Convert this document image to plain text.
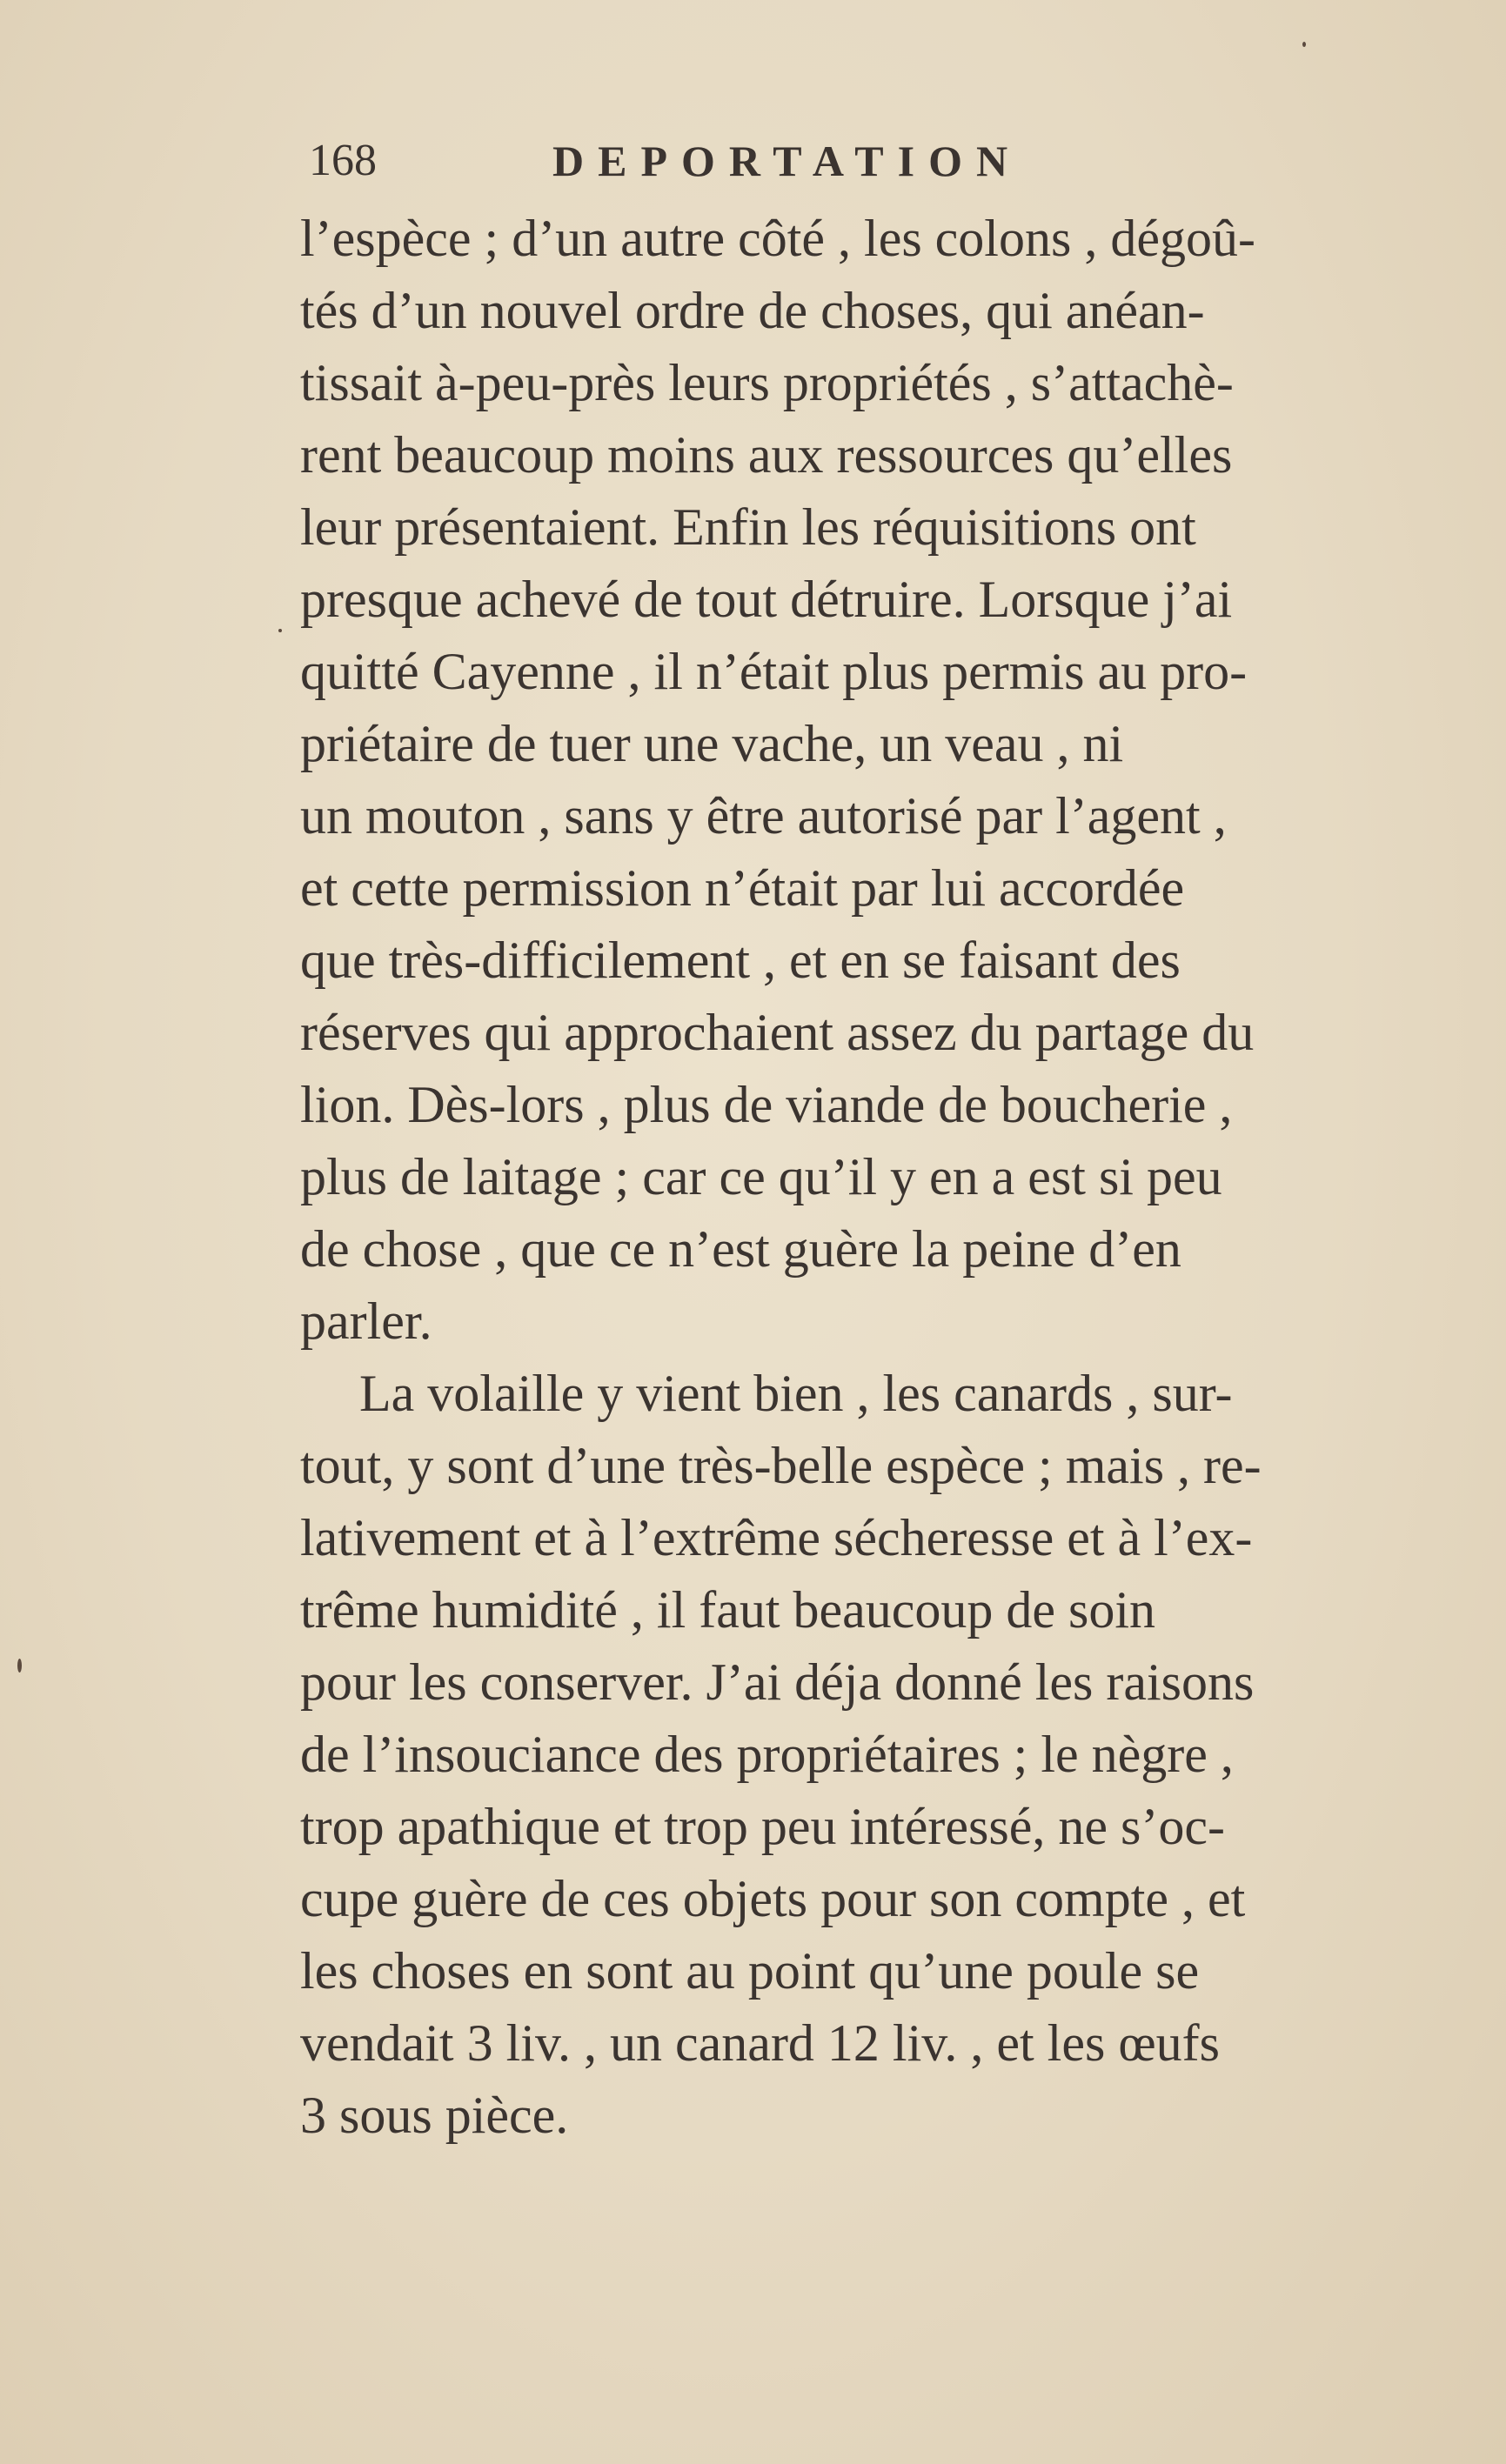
168	DEPORTATION
l’espèce ; d’un autre côté , les colons , dégoû-
tés d’un nouvel ordre de choses, qui anéan-
tissait à-peu-près leurs propriétés , s’attachè-
rent beaucoup moins aux ressources qu’elles
leur présentaient. Enfin les réquisitions ont
presque achevé de tout détruire. Lorsque j’ai
quitté Cayenne , il n’était plus permis au pro-
priétaire de tuer une vache, un veau , ni
un mouton , sans y être autorisé par l’agent ,
et cette permission n’était par lui accordée
que très-difficilement , et en se faisant des
réserves qui approchaient assez du partage du
lion. Dès-lors , plus de viande de boucherie ,
plus de laitage ; car ce qu’il y en a est si peu
de chose , que ce n’est guère la peine d’en
parler.
La volaille y vient bien , les canards , sur-
tout, y sont d’une très-belle espèce ; mais , re-
lativement et à l’extrême sécheresse et à l’ex-
trême humidité , il faut beaucoup de soin
pour les conserver. J’ai déja donné les raisons
de l’insouciance des propriétaires ; le nègre ,
trop apathique et trop peu intéressé, ne s’oc-
cupe guère de ces objets pour son compte , et
les choses en sont au point qu’une poule se
vendait 3 liv. , un canard 12 liv. , et les œufs
3 sous pièce.
